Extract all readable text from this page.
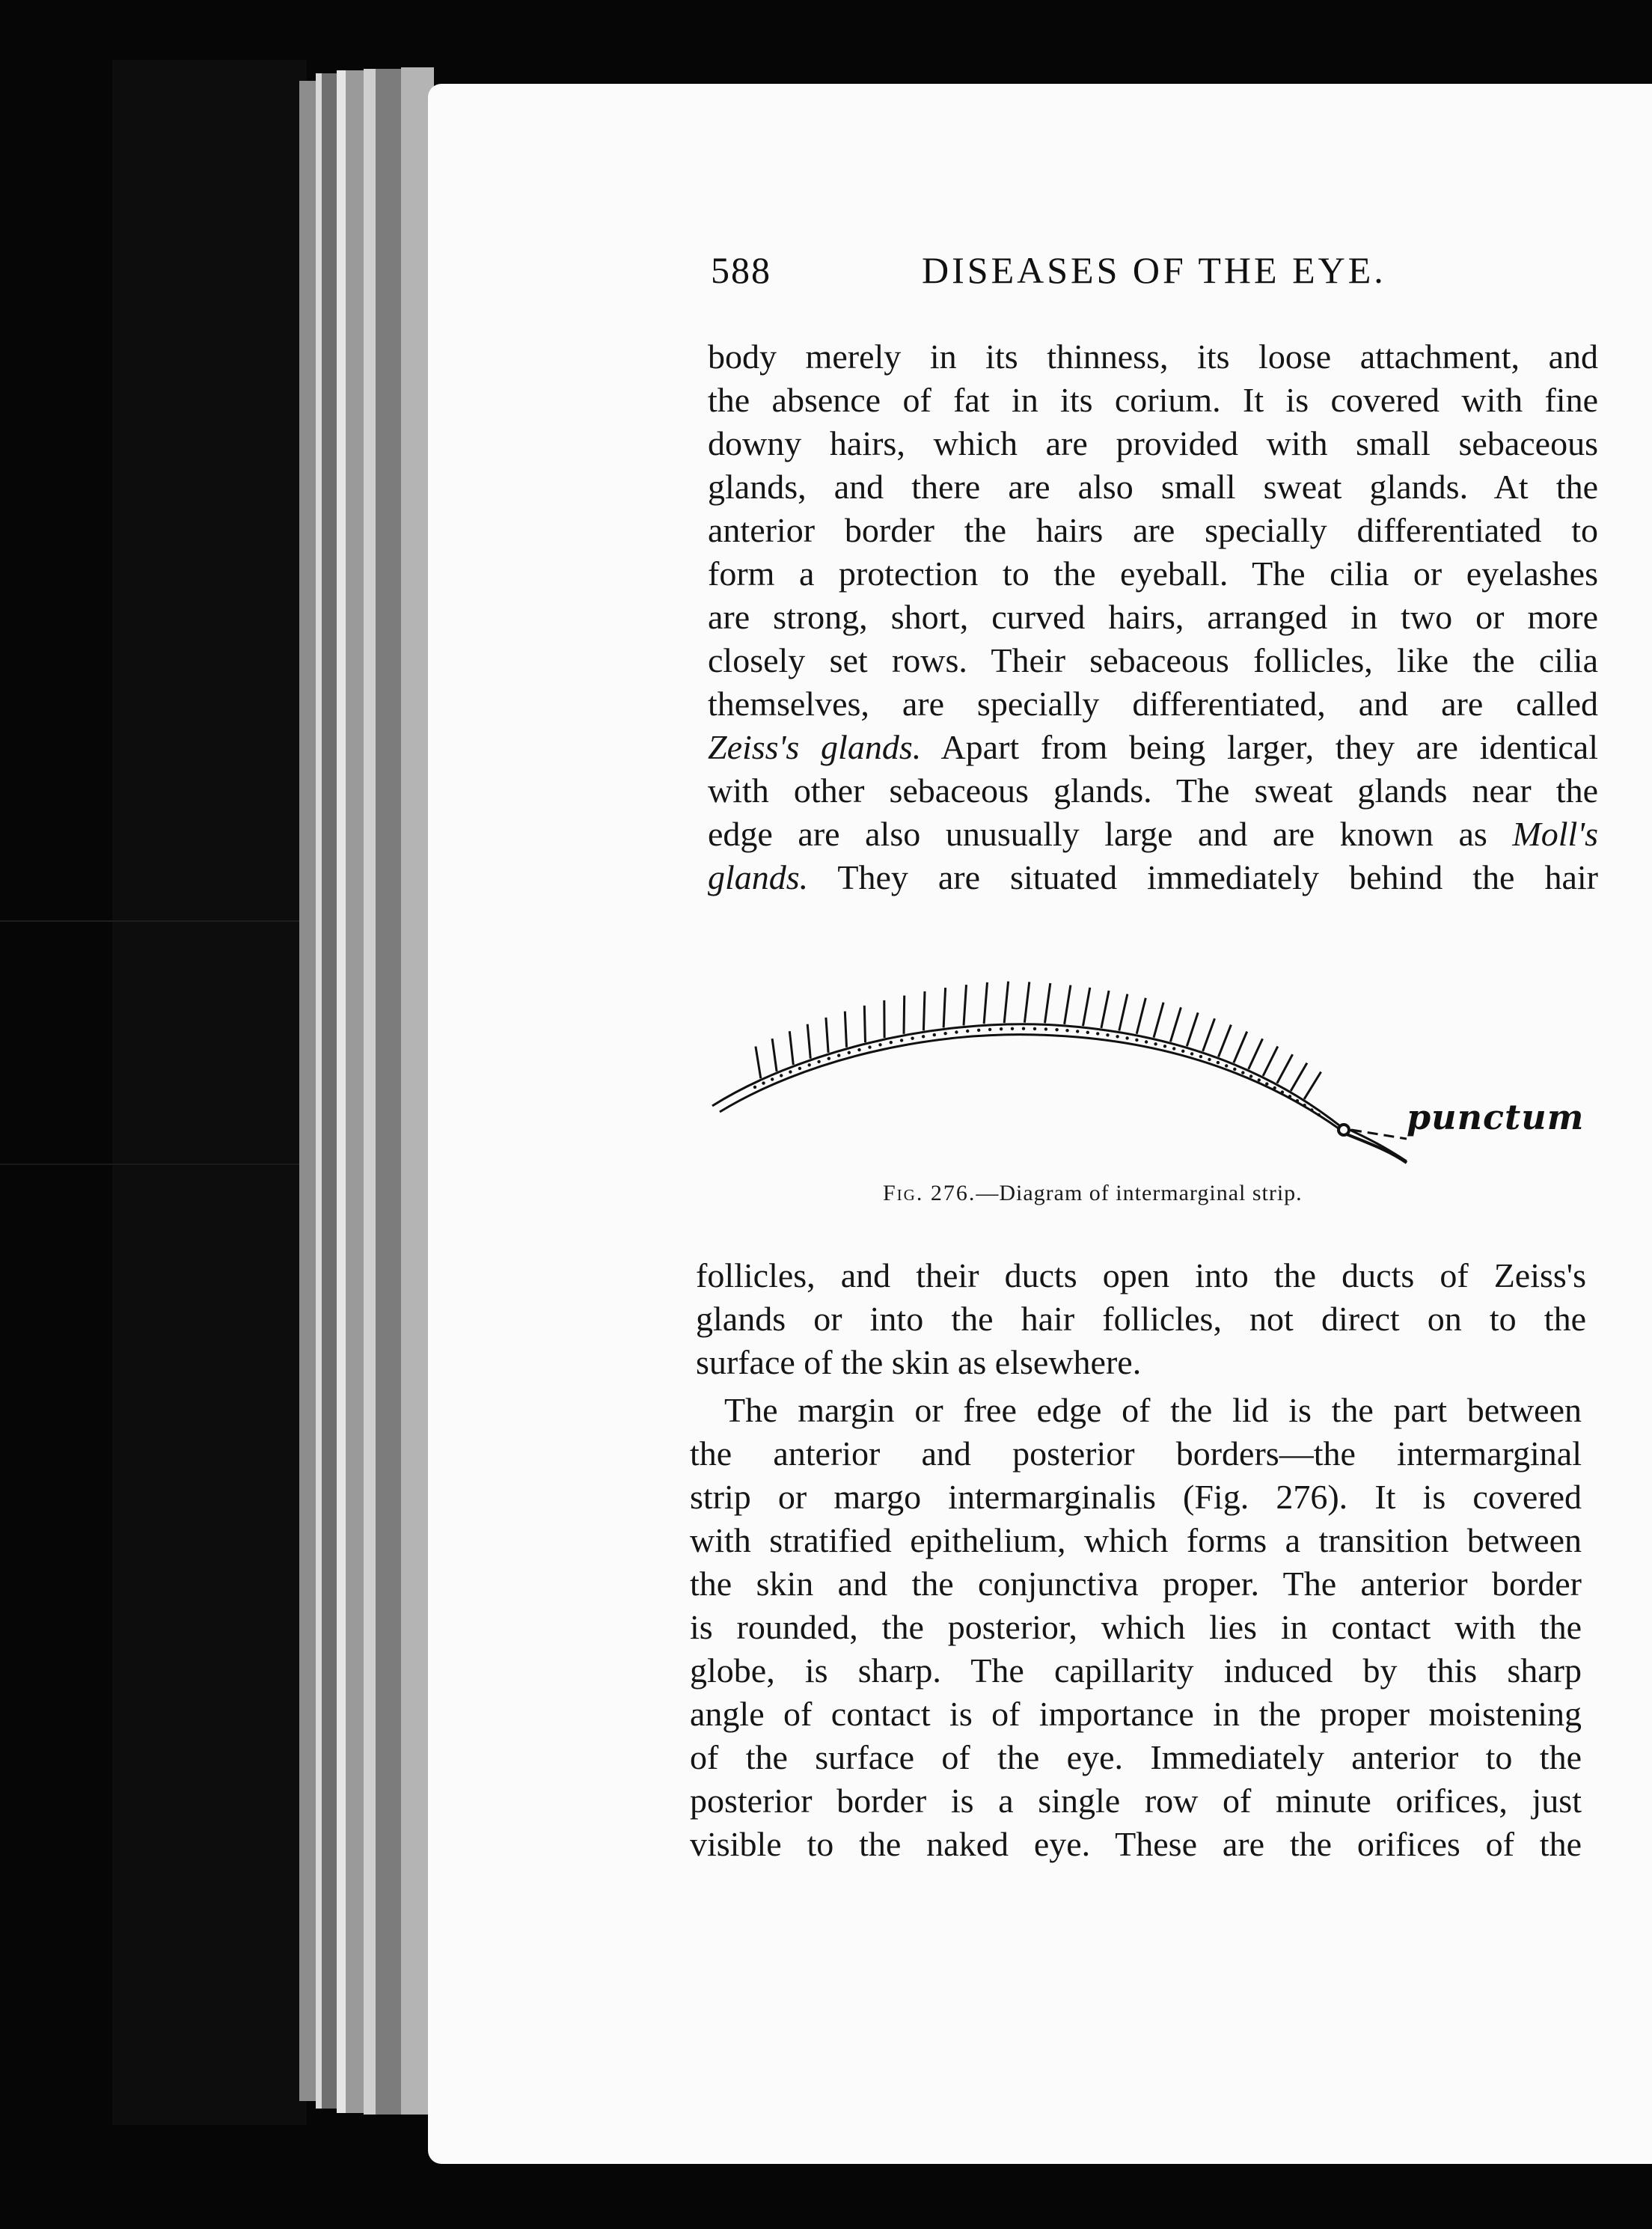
588	DISEASES OF THE EYE.

body merely in its thinness, its loose attachment, and
the absence of fat in its corium. It is covered with fine
downy hairs, which are provided with small sebaceous
glands, and there are also small sweat glands. At the
anterior border the hairs are specially differentiated to
form a protection to the eyeball. The cilia or eyelashes
are strong, short, curved hairs, arranged in two or more
closely set rows. Their sebaceous follicles, like the cilia
themselves, are specially differentiated, and are called
Zeiss's glands. Apart from being larger, they are identical
with other sebaceous glands. The sweat glands near the
edge are also unusually large and are known as Moll's
glands. They are situated immediately behind the hair

punctum
Fig. 276.—Diagram of intermarginal strip.

follicles, and their ducts open into the ducts of Zeiss's
glands or into the hair follicles, not direct on to the
surface of the skin as elsewhere.

The margin or free edge of the lid is the part between
the anterior and posterior borders—the intermarginal
strip or margo intermarginalis (Fig. 276). It is covered
with stratified epithelium, which forms a transition between
the skin and the conjunctiva proper. The anterior border
is rounded, the posterior, which lies in contact with the
globe, is sharp. The capillarity induced by this sharp
angle of contact is of importance in the proper moistening
of the surface of the eye. Immediately anterior to the
posterior border is a single row of minute orifices, just
visible to the naked eye. These are the orifices of the
